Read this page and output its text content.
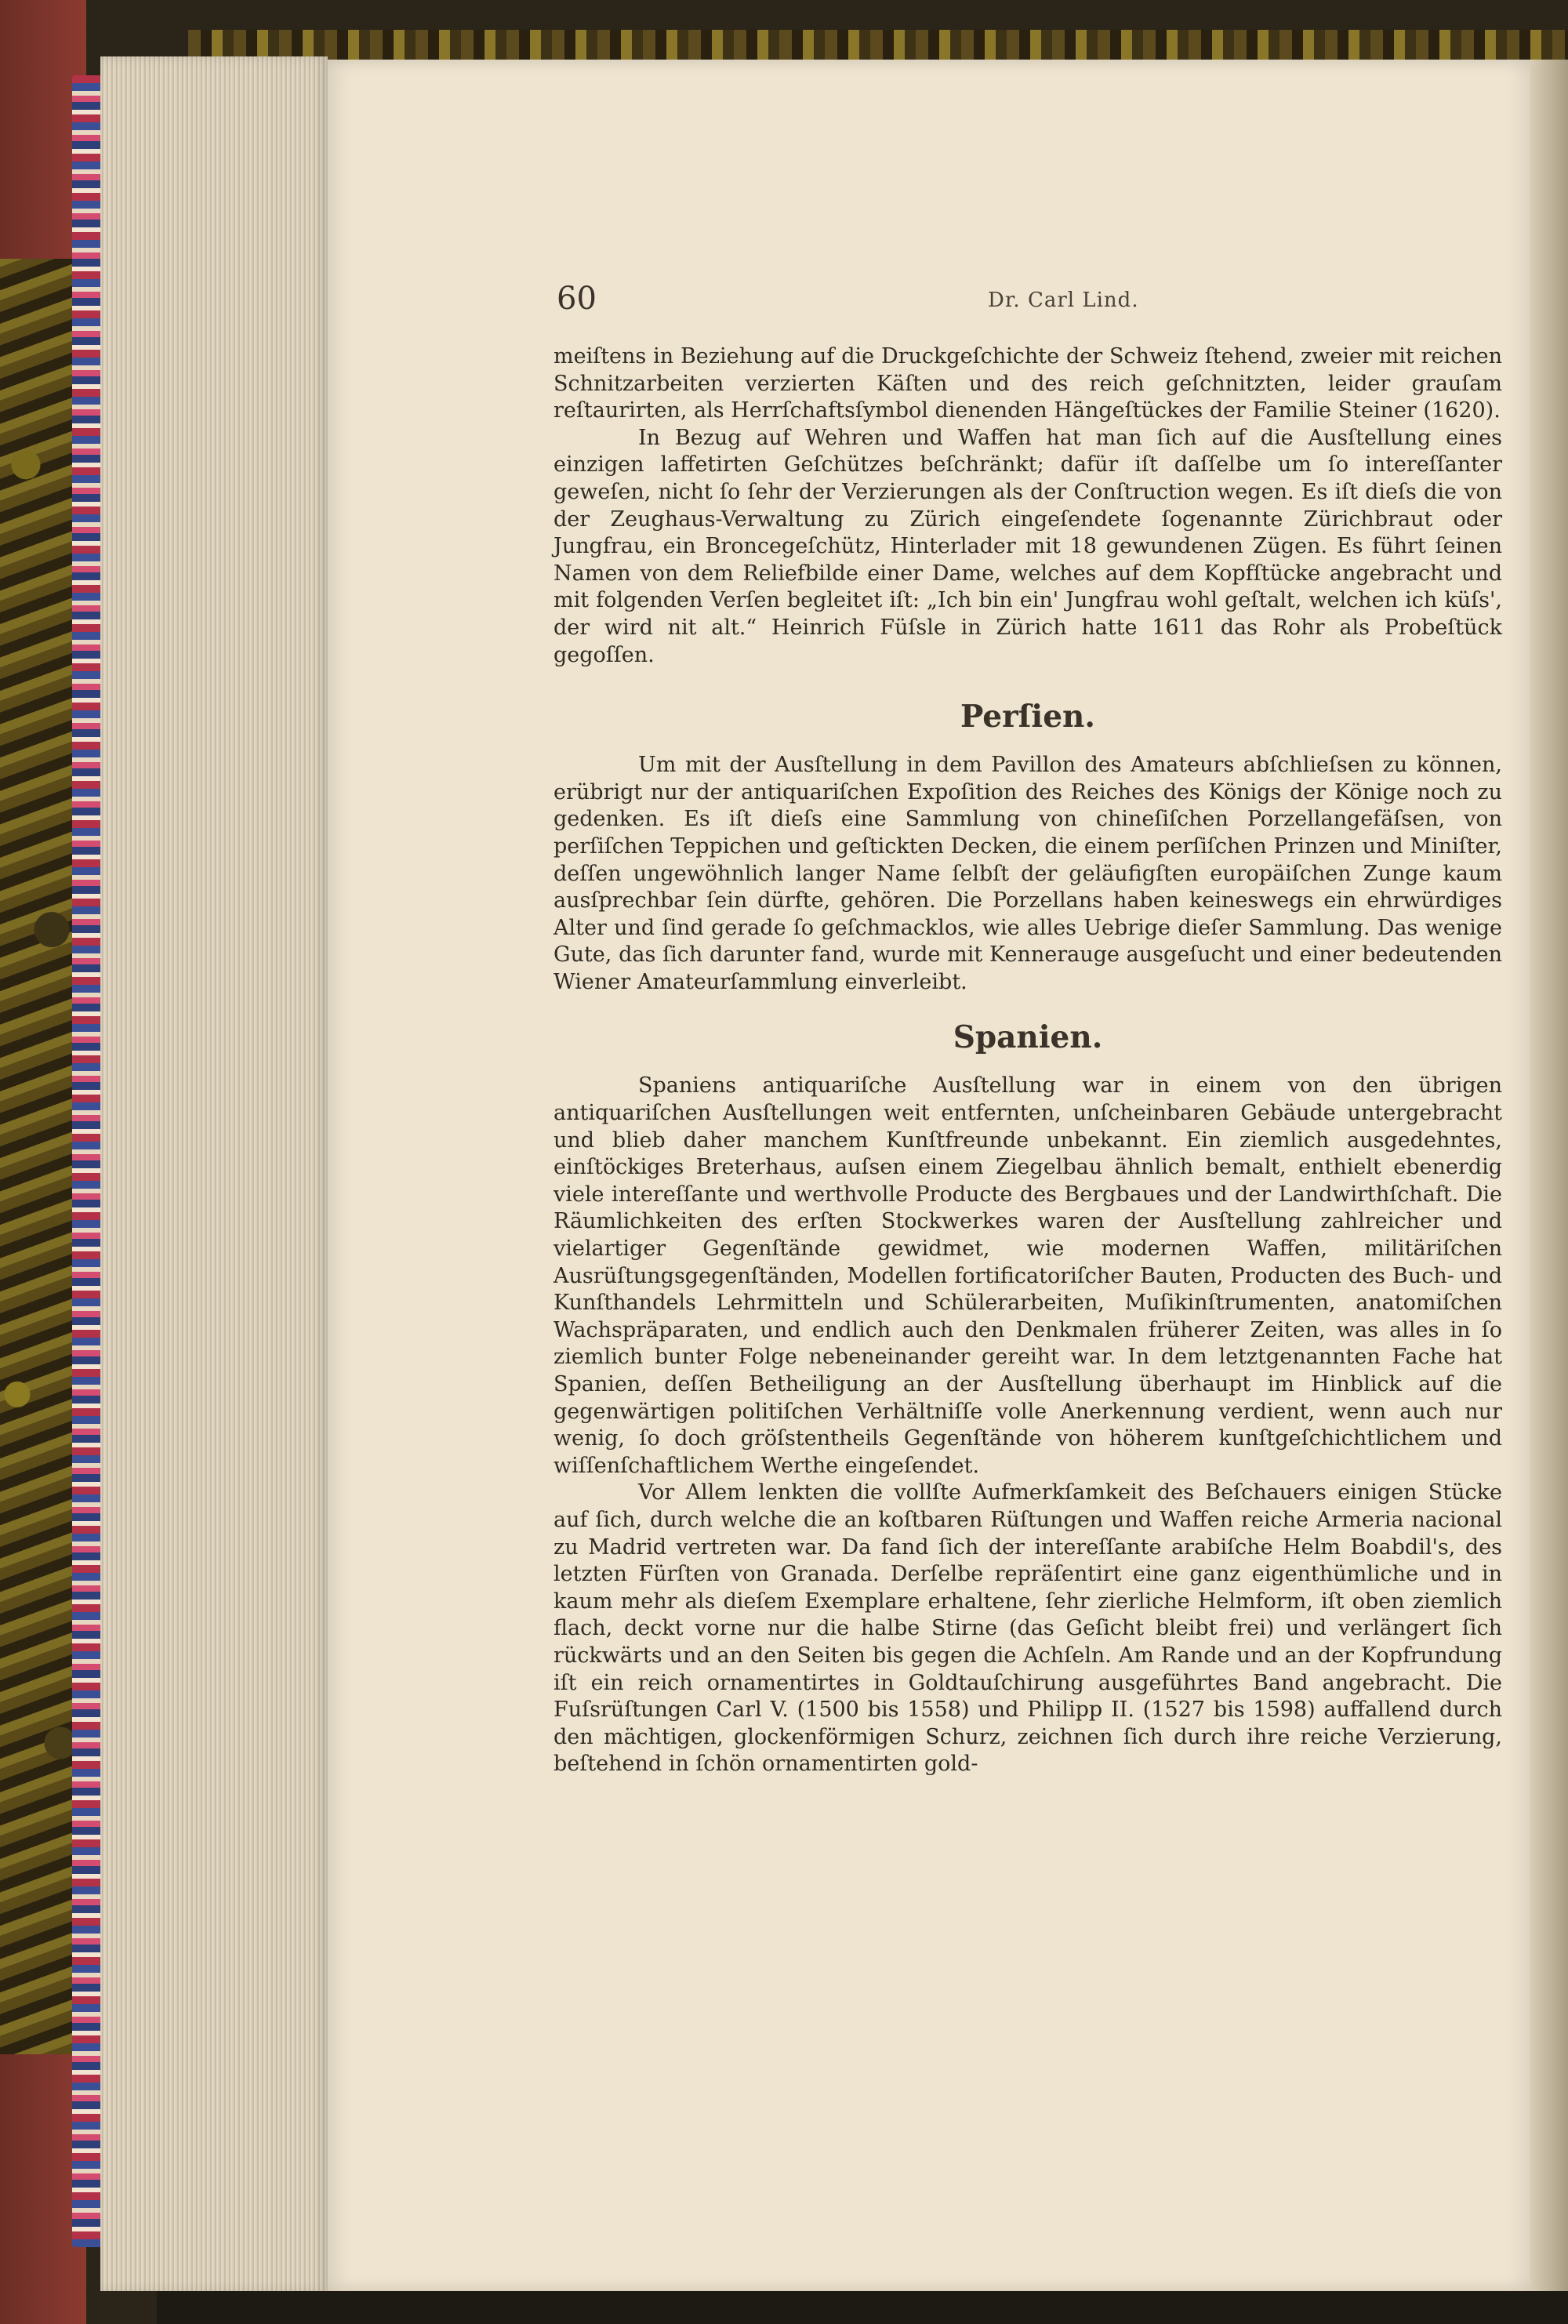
60	Dr. Carl Lind.

meiſtens in Beziehung auf die Druckgeſchichte der Schweiz ſtehend, zweier mit reichen Schnitzarbeiten verzierten Käſten und des reich geſchnitzten, leider grauſam reſtaurirten, als Herrſchaftsſymbol dienenden Hängeſtückes der Familie Steiner (1620).

In Bezug auf Wehren und Waffen hat man ſich auf die Ausſtellung eines einzigen laffetirten Geſchützes beſchränkt; dafür iſt daſſelbe um ſo intereſſanter geweſen, nicht ſo ſehr der Verzierungen als der Conſtruction wegen. Es iſt dieſs die von der Zeughaus-Verwaltung zu Zürich eingeſendete ſogenannte Zürichbraut oder Jungfrau, ein Broncegeſchütz, Hinterlader mit 18 gewundenen Zügen. Es führt ſeinen Namen von dem Reliefbilde einer Dame, welches auf dem Kopfſtücke angebracht und mit folgenden Verſen begleitet iſt: „Ich bin ein' Jungfrau wohl geſtalt, welchen ich küſs', der wird nit alt.“ Heinrich Füſsle in Zürich hatte 1611 das Rohr als Probeſtück gegoſſen.

Perſien.

Um mit der Ausſtellung in dem Pavillon des Amateurs abſchlieſsen zu können, erübrigt nur der antiquariſchen Expoſition des Reiches des Königs der Könige noch zu gedenken. Es iſt dieſs eine Sammlung von chineſiſchen Porzellangefäſsen, von perſiſchen Teppichen und geſtickten Decken, die einem perſiſchen Prinzen und Miniſter, deſſen ungewöhnlich langer Name ſelbſt der geläufigſten europäiſchen Zunge kaum ausſprechbar ſein dürfte, gehören. Die Porzellans haben keineswegs ein ehrwürdiges Alter und ſind gerade ſo geſchmacklos, wie alles Uebrige dieſer Sammlung. Das wenige Gute, das ſich darunter fand, wurde mit Kennerauge ausgeſucht und einer bedeutenden Wiener Amateurſammlung einverleibt.

Spanien.

Spaniens antiquariſche Ausſtellung war in einem von den übrigen antiquariſchen Ausſtellungen weit entfernten, unſcheinbaren Gebäude untergebracht und blieb daher manchem Kunſtfreunde unbekannt. Ein ziemlich ausgedehntes, einſtöckiges Breterhaus, auſsen einem Ziegelbau ähnlich bemalt, enthielt ebenerdig viele intereſſante und werthvolle Producte des Bergbaues und der Landwirthſchaft. Die Räumlichkeiten des erſten Stockwerkes waren der Ausſtellung zahlreicher und vielartiger Gegenſtände gewidmet, wie modernen Waffen, militäriſchen Ausrüſtungsgegenſtänden, Modellen fortificatoriſcher Bauten, Producten des Buch- und Kunſthandels Lehrmitteln und Schülerarbeiten, Muſikinſtrumenten, anatomiſchen Wachspräparaten, und endlich auch den Denkmalen früherer Zeiten, was alles in ſo ziemlich bunter Folge nebeneinander gereiht war. In dem letztgenannten Fache hat Spanien, deſſen Betheiligung an der Ausſtellung überhaupt im Hinblick auf die gegenwärtigen politiſchen Verhältniſſe volle Anerkennung verdient, wenn auch nur wenig, ſo doch gröſstentheils Gegenſtände von höherem kunſtgeſchichtlichem und wiſſenſchaftlichem Werthe eingeſendet.

Vor Allem lenkten die vollſte Aufmerkſamkeit des Beſchauers einigen Stücke auf ſich, durch welche die an koſtbaren Rüſtungen und Waffen reiche Armeria nacional zu Madrid vertreten war. Da fand ſich der intereſſante arabiſche Helm Boabdil's, des letzten Fürſten von Granada. Derſelbe repräſentirt eine ganz eigenthümliche und in kaum mehr als dieſem Exemplare erhaltene, ſehr zierliche Helmform, iſt oben ziemlich flach, deckt vorne nur die halbe Stirne (das Geſicht bleibt frei) und verlängert ſich rückwärts und an den Seiten bis gegen die Achſeln. Am Rande und an der Kopfrundung iſt ein reich ornamentirtes in Goldtauſchirung ausgeführtes Band angebracht. Die Fuſsrüſtungen Carl V. (1500 bis 1558) und Philipp II. (1527 bis 1598) auffallend durch den mächtigen, glockenförmigen Schurz, zeichnen ſich durch ihre reiche Verzierung, beſtehend in ſchön ornamentirten gold-
